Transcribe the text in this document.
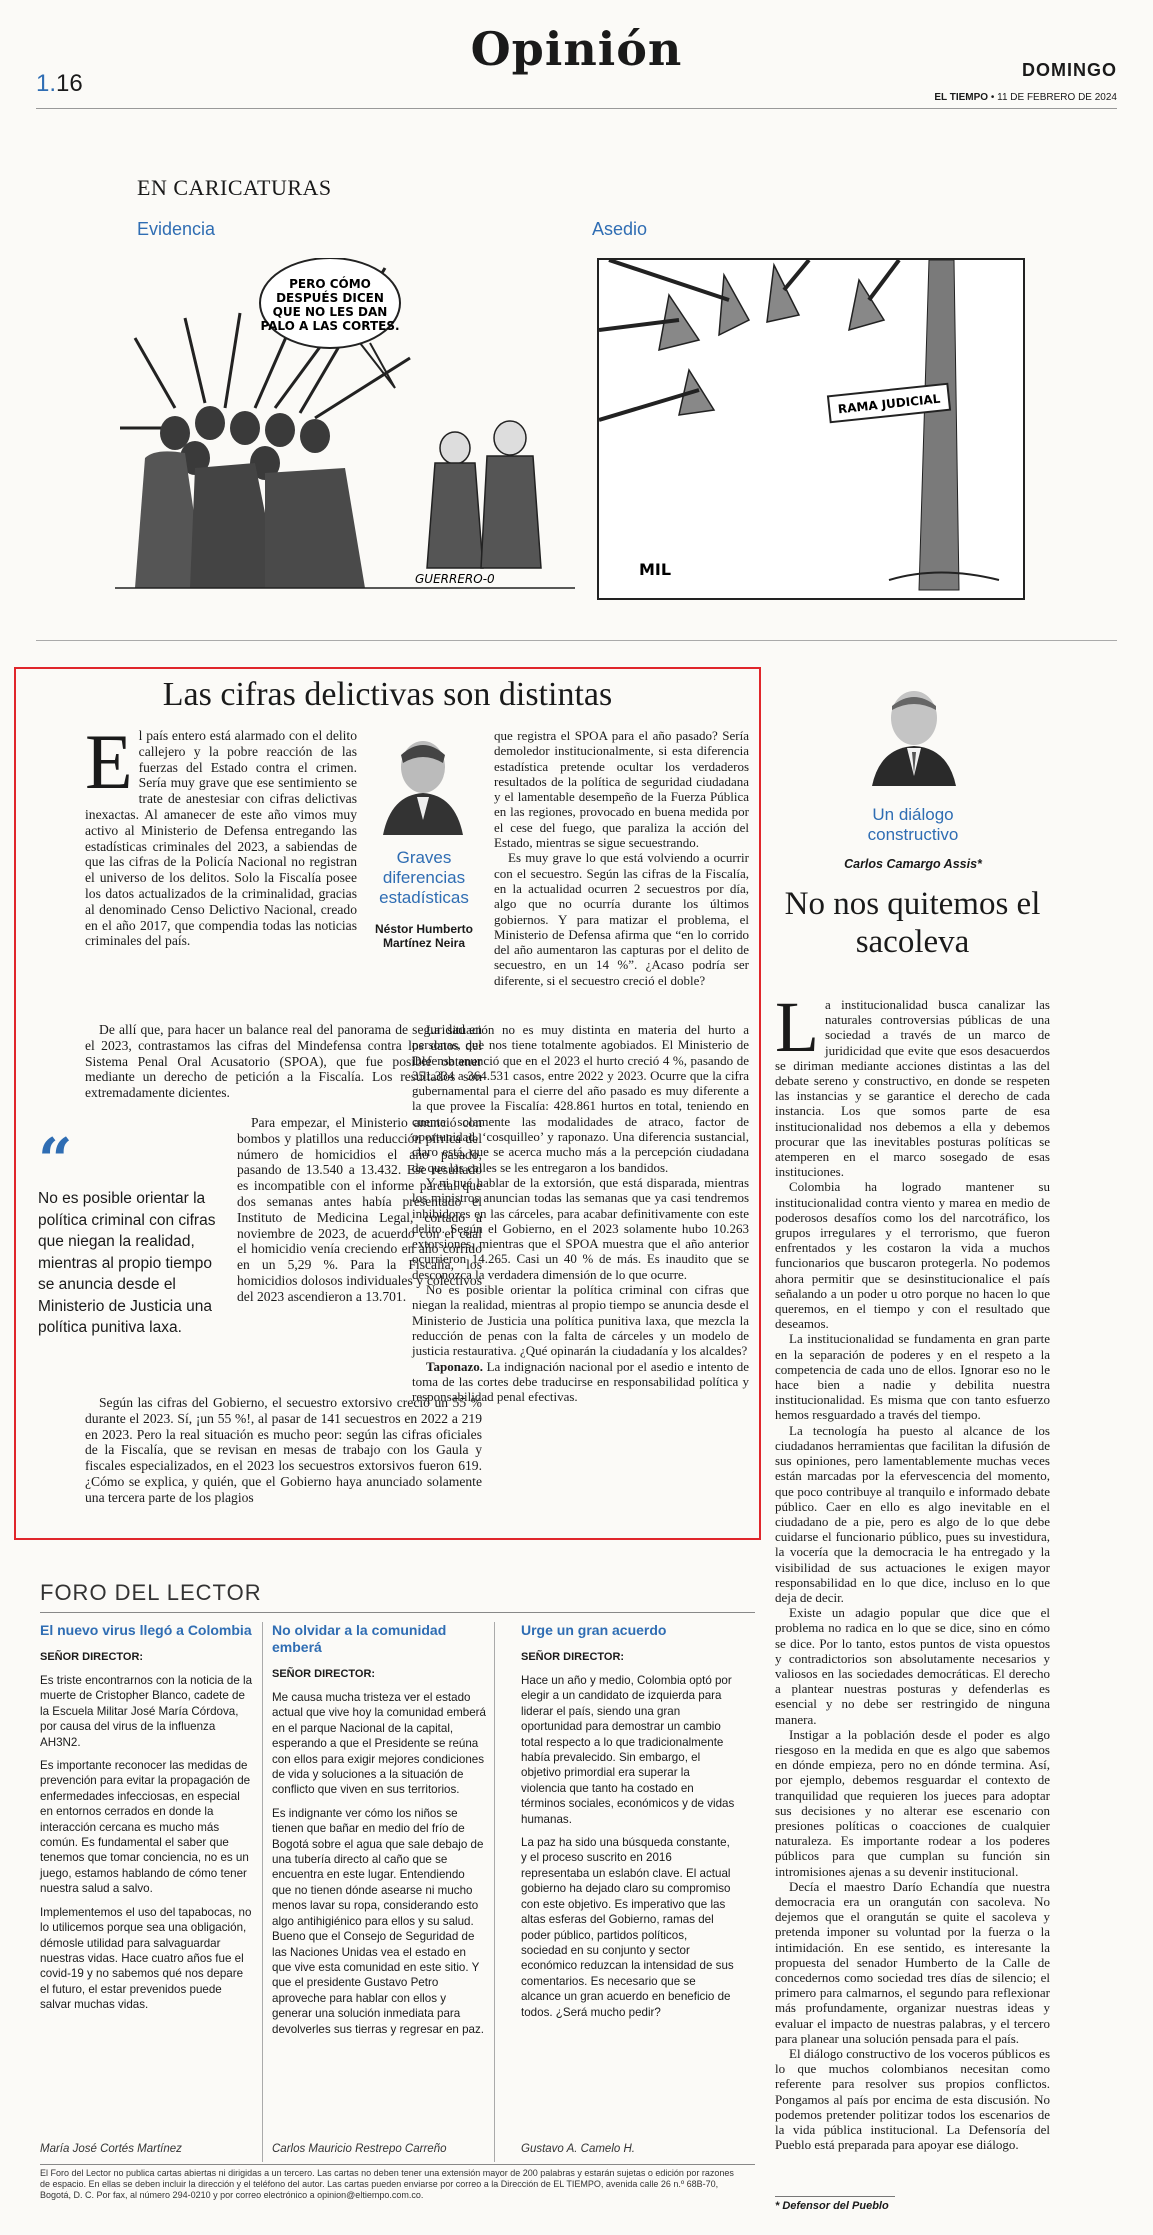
1.16
Opinión	DOMINGO
EL TIEMPO • 11 DE FEBRERO DE 2024
EN CARICATURAS
Evidencia	Asedio
PERO CÓMO
DESPUÉS DICEN
QUE NO LES DAN
PALO A LAS CORTES.
GUERRERO-0
RAMA JUDICIAL
MIL
Las cifras delictivas son distintas
E l país entero está alarmado con el delito callejero y la pobre reacción de las fuerzas del Estado contra el crimen. Sería muy grave que ese sentimiento se trate de anestesiar con cifras delictivas inexactas. Al amanecer de este año vimos muy activo al Ministerio de Defensa entregando las estadísticas criminales del 2023, a sabiendas de que las cifras de la Policía Nacional no registran el universo de los delitos. Solo la Fiscalía posee los datos actualizados de la criminalidad, gracias al denominado Censo Delictivo Nacional, creado en el año 2017, que compendia todas las noticias criminales del país.
Graves diferencias estadísticas
Néstor Humberto Martínez Neira

De allí que, para hacer un balance real del panorama de seguridad en el 2023, contrastamos las cifras del Mindefensa contra los datos del Sistema Penal Oral Acusatorio (SPOA), que fue posible obtener mediante un derecho de petición a la Fiscalía. Los resultados son extremadamente dicientes.

“
No es posible orientar la política criminal con cifras que niegan la realidad, mientras al propio tiempo se anuncia desde el Ministerio de Justicia una política punitiva laxa.

Para empezar, el Ministerio anunció con bombos y platillos una reducción pírrica del número de homicidios el año pasado, pasando de 13.540 a 13.432. Ese resultado es incompatible con el informe parcial que dos semanas antes había presentado el Instituto de Medicina Legal, cortado a noviembre de 2023, de acuerdo con el cual el homicidio venía creciendo en año corrido en un 5,29 %. Para la Fiscalía, los homicidios dolosos individuales y colectivos del 2023 ascendieron a 13.701.

Según las cifras del Gobierno, el secuestro extorsivo creció un 55 % durante el 2023. Sí, ¡un 55 %!, al pasar de 141 secuestros en 2022 a 219 en 2023. Pero la real situación es mucho peor: según las cifras oficiales de la Fiscalía, que se revisan en mesas de trabajo con los Gaula y fiscales especializados, en el 2023 los secuestros extorsivos fueron 619. ¿Cómo se explica, y quién, que el Gobierno haya anunciado solamente una tercera parte de los plagios

que registra el SPOA para el año pasado? Sería demoledor institucionalmente, si esta diferencia estadística pretende ocultar los verdaderos resultados de la política de seguridad ciudadana y el lamentable desempeño de la Fuerza Pública en las regiones, provocado en buena medida por el cese del fuego, que paraliza la acción del Estado, mientras se sigue secuestrando.

Es muy grave lo que está volviendo a ocurrir con el secuestro. Según las cifras de la Fiscalía, en la actualidad ocurren 2 secuestros por día, algo que no ocurría durante los últimos gobiernos. Y para matizar el problema, el Ministerio de Defensa afirma que “en lo corrido del año aumentaron las capturas por el delito de secuestro, en un 14 %”. ¿Acaso podría ser diferente, si el secuestro creció el doble?

La situación no es muy distinta en materia del hurto a personas, que nos tiene totalmente agobiados. El Ministerio de Defensa anunció que en el 2023 el hurto creció 4 %, pasando de 351.334 a 364.531 casos, entre 2022 y 2023. Ocurre que la cifra gubernamental para el cierre del año pasado es muy diferente a la que provee la Fiscalía: 428.861 hurtos en total, teniendo en cuenta solamente las modalidades de atraco, factor de oportunidad, ‘cosquilleo’ y raponazo. Una diferencia sustancial, claro está, que se acerca mucho más a la percepción ciudadana de que las calles se les entregaron a los bandidos.

Y ni qué hablar de la extorsión, que está disparada, mientras los ministros anuncian todas las semanas que ya casi tendremos inhibidores en las cárceles, para acabar definitivamente con este delito. Según el Gobierno, en el 2023 solamente hubo 10.263 extorsiones, mientras que el SPOA muestra que el año anterior ocurrieron 14.265. Casi un 40 % de más. Es inaudito que se desconozca la verdadera dimensión de lo que ocurre.

No es posible orientar la política criminal con cifras que niegan la realidad, mientras al propio tiempo se anuncia desde el Ministerio de Justicia una política punitiva laxa, que mezcla la reducción de penas con la falta de cárceles y un modelo de justicia restaurativa. ¿Qué opinarán la ciudadanía y los alcaldes?

Taponazo. La indignación nacional por el asedio e intento de toma de las cortes debe traducirse en responsabilidad política y responsabilidad penal efectivas.

Un diálogo constructivo
Carlos Camargo Assis*
No nos quitemos el sacoleva

La institucionalidad busca canalizar las naturales controversias públicas de una sociedad a través de un marco de juridicidad que evite que esos desacuerdos se diriman mediante acciones distintas a las del debate sereno y constructivo, en donde se respeten las instancias y se garantice el derecho de cada instancia. Los que somos parte de esa institucionalidad nos debemos a ella y debemos procurar que las inevitables posturas políticas se atemperen en el marco sosegado de esas instituciones.

Colombia ha logrado mantener su institucionalidad contra viento y marea en medio de poderosos desafíos como los del narcotráfico, los grupos irregulares y el terrorismo, que fueron enfrentados y les costaron la vida a muchos funcionarios que buscaron protegerla. No podemos ahora permitir que se desinstitucionalice el país señalando a un poder u otro porque no hacen lo que queremos, en el tiempo y con el resultado que deseamos.

La institucionalidad se fundamenta en gran parte en la separación de poderes y en el respeto a la competencia de cada uno de ellos. Ignorar eso no le hace bien a nadie y debilita nuestra institucionalidad. Es misma que con tanto esfuerzo hemos resguardado a través del tiempo.

La tecnología ha puesto al alcance de los ciudadanos herramientas que facilitan la difusión de sus opiniones, pero lamentablemente muchas veces están marcadas por la efervescencia del momento, que poco contribuye al tranquilo e informado debate público. Caer en ello es algo inevitable en el ciudadano de a pie, pero es algo de lo que debe cuidarse el funcionario público, pues su investidura, la vocería que la democracia le ha entregado y la visibilidad de sus actuaciones le exigen mayor responsabilidad en lo que dice, incluso en lo que deja de decir.

Existe un adagio popular que dice que el problema no radica en lo que se dice, sino en cómo se dice. Por lo tanto, estos puntos de vista opuestos y contradictorios son absolutamente necesarios y valiosos en las sociedades democráticas. El derecho a plantear nuestras posturas y defenderlas es esencial y no debe ser restringido de ninguna manera.

Instigar a la población desde el poder es algo riesgoso en la medida en que es algo que sabemos en dónde empieza, pero no en dónde termina. Así, por ejemplo, debemos resguardar el contexto de tranquilidad que requieren los jueces para adoptar sus decisiones y no alterar ese escenario con presiones políticas o coacciones de cualquier naturaleza. Es importante rodear a los poderes públicos para que cumplan su función sin intromisiones ajenas a su devenir institucional.

Decía el maestro Darío Echandía que nuestra democracia era un orangután con sacoleva. No dejemos que el orangután se quite el sacoleva y pretenda imponer su voluntad por la fuerza o la intimidación. En ese sentido, es interesante la propuesta del senador Humberto de la Calle de concedernos como sociedad tres días de silencio; el primero para calmarnos, el segundo para reflexionar más profundamente, organizar nuestras ideas y evaluar el impacto de nuestras palabras, y el tercero para planear una solución pensada para el país.

El diálogo constructivo de los voceros públicos es lo que muchos colombianos necesitan como referente para resolver sus propios conflictos. Pongamos al país por encima de esta discusión. No podemos pretender politizar todos los escenarios de la vida pública institucional. La Defensoría del Pueblo está preparada para apoyar ese diálogo.

* Defensor del Pueblo
FORO DEL LECTOR
El nuevo virus llegó a Colombia
SEÑOR DIRECTOR:

Es triste encontrarnos con la noticia de la muerte de Cristopher Blanco, cadete de la Escuela Militar José María Córdova, por causa del virus de la influenza AH3N2.

Es importante reconocer las medidas de prevención para evitar la propagación de enfermedades infecciosas, en especial en entornos cerrados en donde la interacción cercana es mucho más común. Es fundamental el saber que tenemos que tomar conciencia, no es un juego, estamos hablando de cómo tener nuestra salud a salvo.

Implementemos el uso del tapabocas, no lo utilicemos porque sea una obligación, démosle utilidad para salvaguardar nuestras vidas. Hace cuatro años fue el covid-19 y no sabemos qué nos depare el futuro, el estar prevenidos puede salvar muchas vidas.

María José Cortés Martínez
No olvidar a la comunidad emberá
SEÑOR DIRECTOR:

Me causa mucha tristeza ver el estado actual que vive hoy la comunidad emberá en el parque Nacional de la capital, esperando a que el Presidente se reúna con ellos para exigir mejores condiciones de vida y soluciones a la situación de conflicto que viven en sus territorios.

Es indignante ver cómo los niños se tienen que bañar en medio del frío de Bogotá sobre el agua que sale debajo de una tubería directo al caño que se encuentra en este lugar. Entendiendo que no tienen dónde asearse ni mucho menos lavar su ropa, considerando esto algo antihigiénico para ellos y su salud. Bueno que el Consejo de Seguridad de las Naciones Unidas vea el estado en que vive esta comunidad en este sitio. Y que el presidente Gustavo Petro aproveche para hablar con ellos y generar una solución inmediata para devolverles sus tierras y regresar en paz.

Carlos Mauricio Restrepo Carreño
Urge un gran acuerdo
SEÑOR DIRECTOR:

Hace un año y medio, Colombia optó por elegir a un candidato de izquierda para liderar el país, siendo una gran oportunidad para demostrar un cambio total respecto a lo que tradicionalmente había prevalecido. Sin embargo, el objetivo primordial era superar la violencia que tanto ha costado en términos sociales, económicos y de vidas humanas.

La paz ha sido una búsqueda constante, y el proceso suscrito en 2016 representaba un eslabón clave. El actual gobierno ha dejado claro su compromiso con este objetivo. Es imperativo que las altas esferas del Gobierno, ramas del poder público, partidos políticos, sociedad en su conjunto y sector económico reduzcan la intensidad de sus comentarios. Es necesario que se alcance un gran acuerdo en beneficio de todos. ¿Será mucho pedir?

Gustavo A. Camelo H.
El Foro del Lector no publica cartas abiertas ni dirigidas a un tercero. Las cartas no deben tener una extensión mayor de 200 palabras y estarán sujetas o edición por razones de espacio. En ellas se deben incluir la dirección y el teléfono del autor. Las cartas pueden enviarse por correo a la Dirección de EL TIEMPO, avenida calle 26 n.º 68B-70, Bogotá, D. C. Por fax, al número 294-0210 y por correo electrónico a opinion@eltiempo.com.co.
